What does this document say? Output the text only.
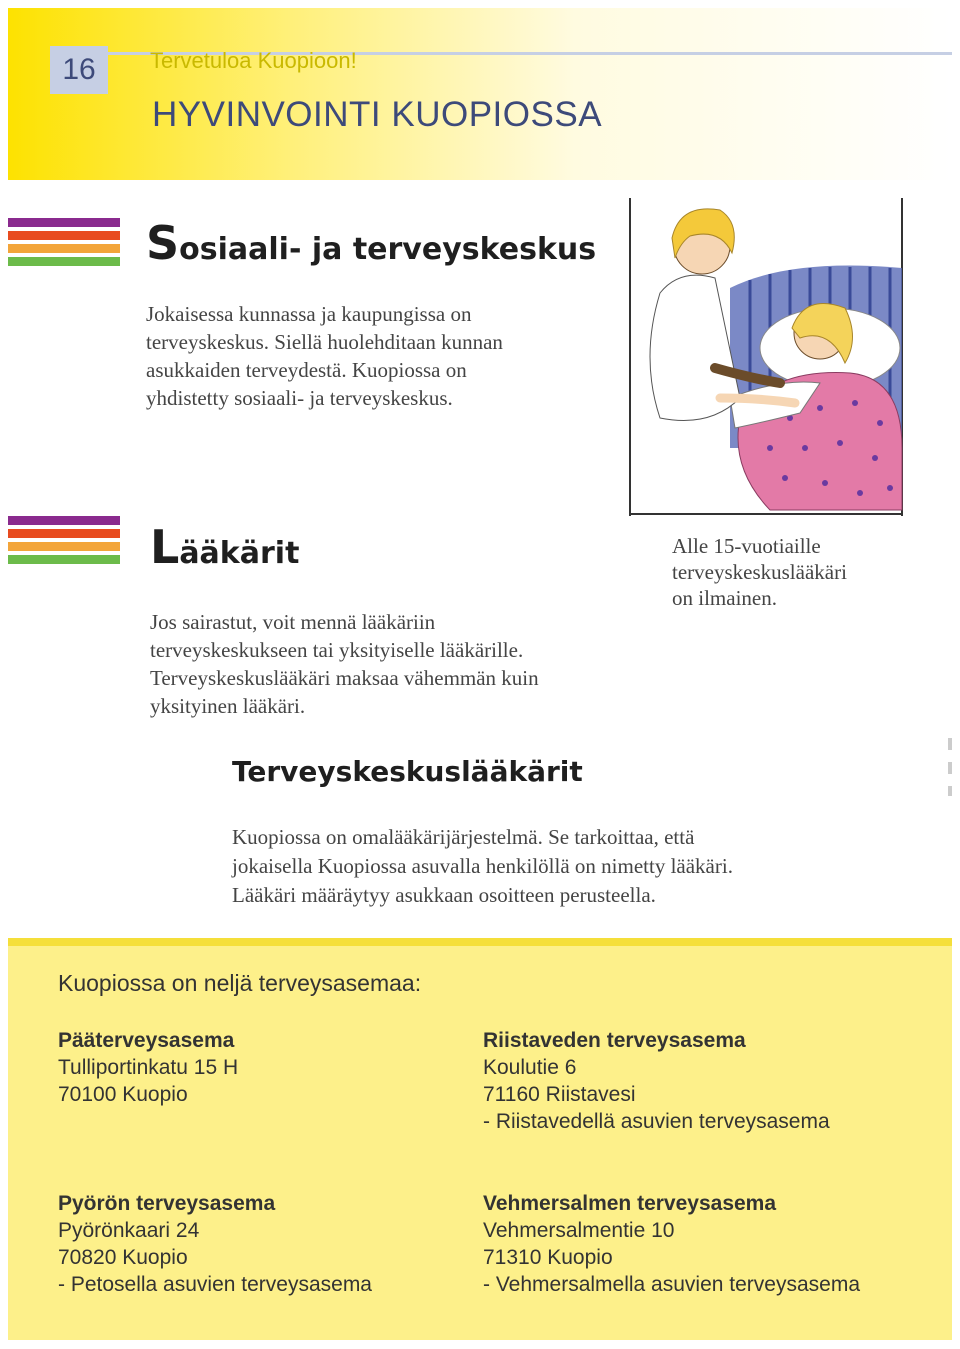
16	Tervetuloa Kuopioon!
HYVINVOINTI KUOPIOSSA
Sosiaali- ja terveyskeskus
Jokaisessa kunnassa ja kaupungissa on
terveyskeskus. Siellä huolehditaan kunnan
asukkaiden terveydestä. Kuopiossa on
yhdistetty sosiaali- ja terveyskeskus.
Lääkärit
Jos sairastut, voit mennä lääkäriin
terveyskeskukseen tai yksityiselle lääkärille.
Terveyskeskuslääkäri maksaa vähemmän kuin
yksityinen lääkäri.
Alle 15-vuotiaille
terveyskeskuslääkäri
on ilmainen.
Terveyskeskuslääkärit
Kuopiossa on omalääkärijärjestelmä. Se tarkoittaa, että
jokaisella Kuopiossa asuvalla henkilöllä on nimetty lääkäri.
Lääkäri määräytyy asukkaan osoitteen perusteella.
Kuopiossa on neljä terveysasemaa:
Pääterveysasema
Tulliportinkatu 15 H
70100 Kuopio
Riistaveden terveysasema
Koulutie 6
71160 Riistavesi
- Riistavedellä asuvien terveysasema
Pyörön terveysasema
Pyörönkaari 24
70820 Kuopio
- Petosella asuvien terveysasema
Vehmersalmen terveysasema
Vehmersalmentie 10
71310 Kuopio
- Vehmersalmella asuvien terveysasema
